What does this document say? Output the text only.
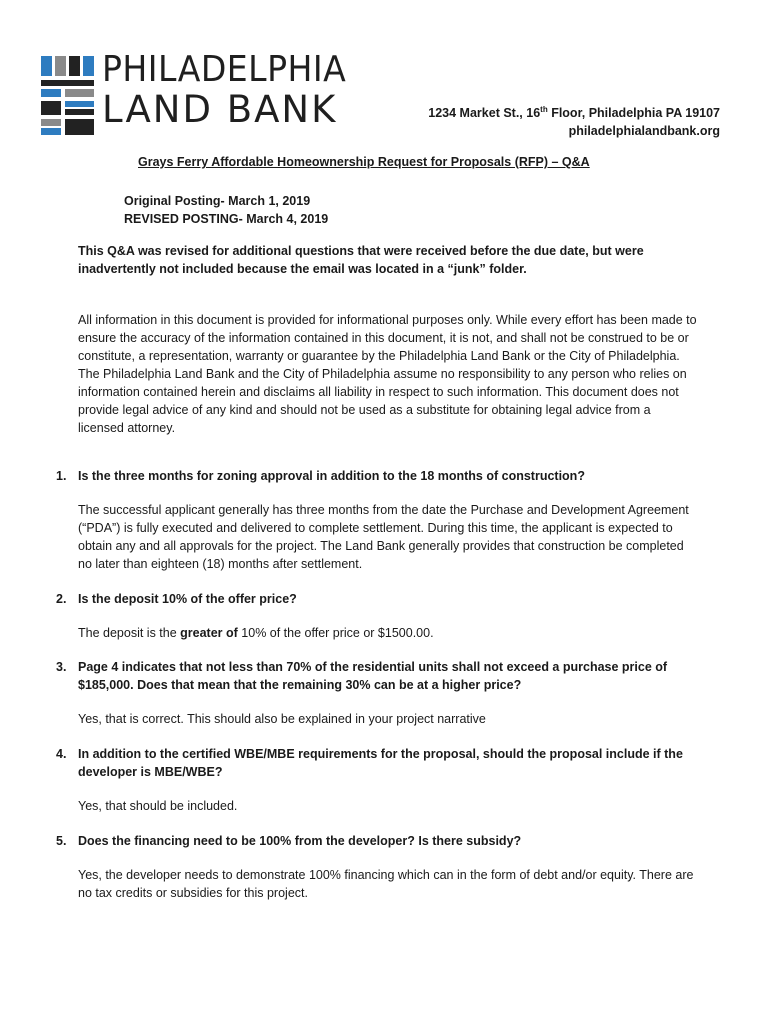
PHILADELPHIA
LAND BANK	1234 Market St., 16th Floor, Philadelphia PA 19107
philadelphialandbank.org
Grays Ferry Affordable Homeownership Request for Proposals (RFP) – Q&A
Original Posting- March 1, 2019
REVISED POSTING- March 4, 2019
This Q&A was revised for additional questions that were received before the due date, but were inadvertently not included because the email was located in a “junk” folder.
All information in this document is provided for informational purposes only. While every effort has been made to ensure the accuracy of the information contained in this document, it is not, and shall not be construed to be or constitute, a representation, warranty or guarantee by the Philadelphia Land Bank or the City of Philadelphia. The Philadelphia Land Bank and the City of Philadelphia assume no responsibility to any person who relies on information contained herein and disclaims all liability in respect to such information. This document does not provide legal advice of any kind and should not be used as a substitute for obtaining legal advice from a licensed attorney.
1. Is the three months for zoning approval in addition to the 18 months of construction?
The successful applicant generally has three months from the date the Purchase and Development Agreement (“PDA”) is fully executed and delivered to complete settlement. During this time, the applicant is expected to obtain any and all approvals for the project. The Land Bank generally provides that construction be completed no later than eighteen (18) months after settlement.
2. Is the deposit 10% of the offer price?
The deposit is the greater of 10% of the offer price or $1500.00.
3. Page 4 indicates that not less than 70% of the residential units shall not exceed a purchase price of $185,000. Does that mean that the remaining 30% can be at a higher price?
Yes, that is correct. This should also be explained in your project narrative
4. In addition to the certified WBE/MBE requirements for the proposal, should the proposal include if the developer is MBE/WBE?
Yes, that should be included.
5. Does the financing need to be 100% from the developer? Is there subsidy?
Yes, the developer needs to demonstrate 100% financing which can in the form of debt and/or equity. There are no tax credits or subsidies for this project.
